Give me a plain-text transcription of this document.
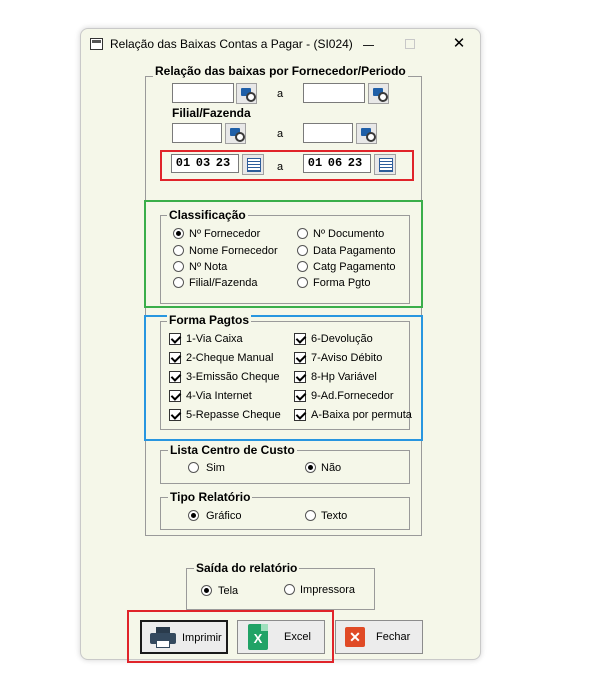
Relação das Baixas Contas a Pagar - (SI024)	✕
Relação das baixas por Fornecedor/Periodo
a
Filial/Fazenda
a
01 03 23	a	01 06 23
Classificação
Nº Fornecedor	Nº Documento
Nome Fornecedor	Data Pagamento
Nº Nota	Catg Pagamento
Filial/Fazenda	Forma Pgto
Forma Pagtos
1-Via Caixa	6-Devolução
2-Cheque Manual	7-Aviso Débito
3-Emissão Cheque	8-Hp Variável
4-Via Internet	9-Ad.Fornecedor
5-Repasse Cheque	A-Baixa por permuta
Lista Centro de Custo
Sim	Não
Tipo Relatório
Gráfico	Texto
Saída do relatório
Tela	Impressora
Imprimir	X	Excel	✕	Fechar
